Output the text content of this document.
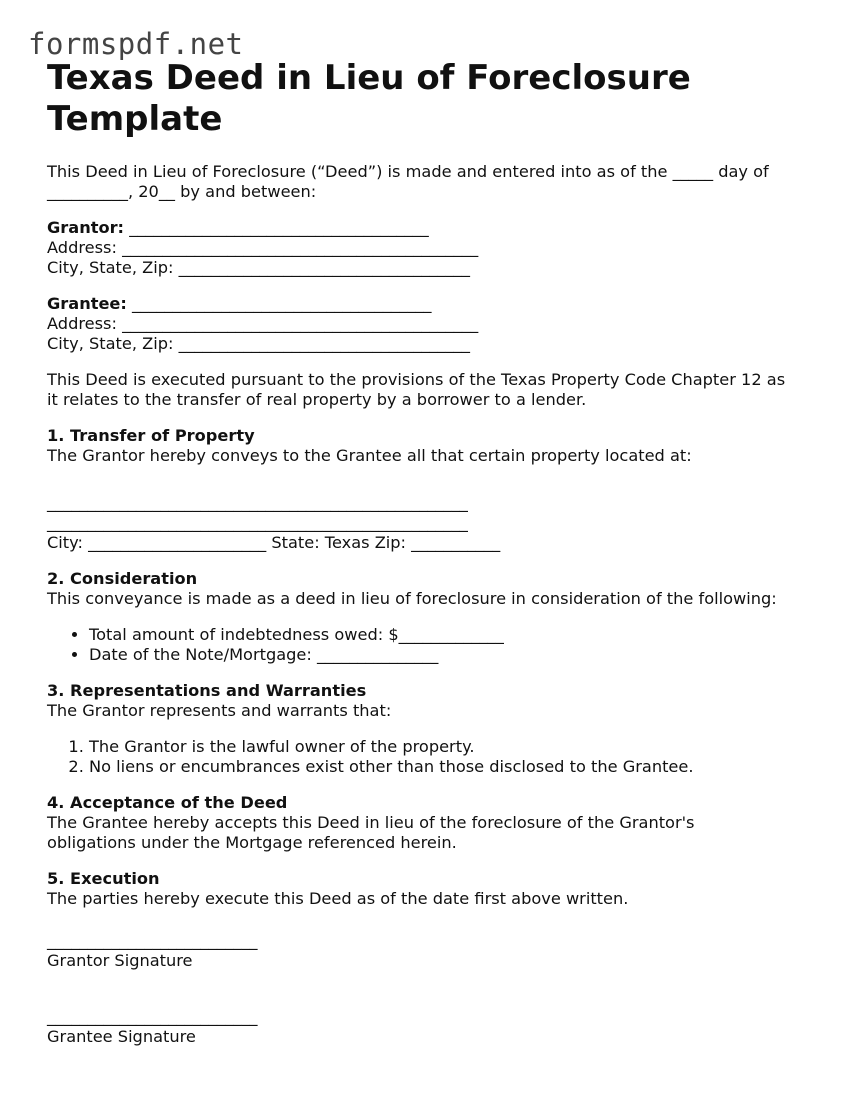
formspdf.net
Texas Deed in Lieu of Foreclosure Template

This Deed in Lieu of Foreclosure (“Deed”) is made and entered into as of the _____ day of

__________, 20__ by and between:

Grantor: _____________________________________

Address: ____________________________________________

City, State, Zip: ____________________________________

Grantee: _____________________________________

Address: ____________________________________________

City, State, Zip: ____________________________________

This Deed is executed pursuant to the provisions of the Texas Property Code Chapter 12 as

it relates to the transfer of real property by a borrower to a lender.

1. Transfer of Property

The Grantor hereby conveys to the Grantee all that certain property located at:

____________________________________________________

____________________________________________________

City: ______________________ State: Texas Zip: ___________

2. Consideration

This conveyance is made as a deed in lieu of foreclosure in consideration of the following:

• Total amount of indebtedness owed: $_____________
• Date of the Note/Mortgage: _______________

3. Representations and Warranties

The Grantor represents and warrants that:

1. The Grantor is the lawful owner of the property.
2. No liens or encumbrances exist other than those disclosed to the Grantee.

4. Acceptance of the Deed

The Grantee hereby accepts this Deed in lieu of the foreclosure of the Grantor's

obligations under the Mortgage referenced herein.

5. Execution

The parties hereby execute this Deed as of the date first above written.

__________________________

Grantor Signature

__________________________

Grantee Signature
